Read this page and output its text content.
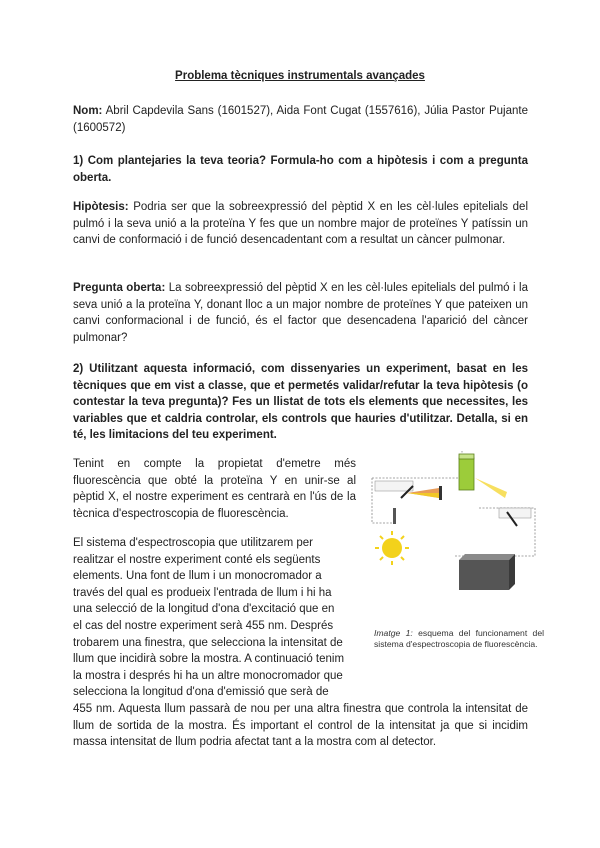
Problema tècniques instrumentals avançades
Nom: Abril Capdevila Sans (1601527), Aida Font Cugat (1557616), Júlia Pastor Pujante (1600572)
1) Com plantejaries la teva teoria? Formula-ho com a hipòtesis i com a pregunta oberta.
Hipòtesis: Podria ser que la sobreexpressió del pèptid X en les cèl·lules epitelials del pulmó i la seva unió a la proteïna Y fes que un nombre major de proteïnes Y patíssin un canvi de conformació i de funció desencadentant com a resultat un càncer pulmonar.
Pregunta oberta: La sobreexpressió del pèptid X en les cèl·lules epitelials del pulmó i la seva unió a la proteïna Y, donant lloc a un major nombre de proteïnes Y que pateixen un canvi conformacional i de funció, és el factor que desencadena l'aparició del càncer pulmonar?
2) Utilitzant aquesta informació, com dissenyaries un experiment, basat en les tècniques que em vist a classe, que et permetés validar/refutar la teva hipòtesis (o contestar la teva pregunta)? Fes un llistat de tots els elements que necessites, les variables que et caldria controlar, els controls que hauries d'utilitzar. Detalla, si en té, les limitacions del teu experiment.
Tenint en compte la propietat d'emetre més fluorescència que obté la proteïna Y en unir-se al pèptid X, el nostre experiment es centrarà en l'ús de la tècnica d'espectroscopia de fluorescència.
El sistema d'espectroscopia que utilitzarem per
realitzar el nostre experiment conté els següents
elements. Una font de llum i un monocromador a
través del qual es produeix l'entrada de llum i hi ha
una selecció de la longitud d'ona d'excitació que en
el cas del nostre experiment serà 455 nm. Després
trobarem una finestra, que selecciona la intensitat de
llum que incidirà sobre la mostra. A continuació tenim
la mostra i després hi ha un altre monocromador que
selecciona la longitud d'ona d'emissió que serà de
455 nm. Aquesta llum passarà de nou per una altra finestra que controla la intensitat de llum de sortida de la mostra. És important el control de la intensitat ja que si incidim massa intensitat de llum podria afectat tant a la mostra com al detector.
Imatge 1: esquema del funcionament del sistema d'espectroscopia de fluorescència.
